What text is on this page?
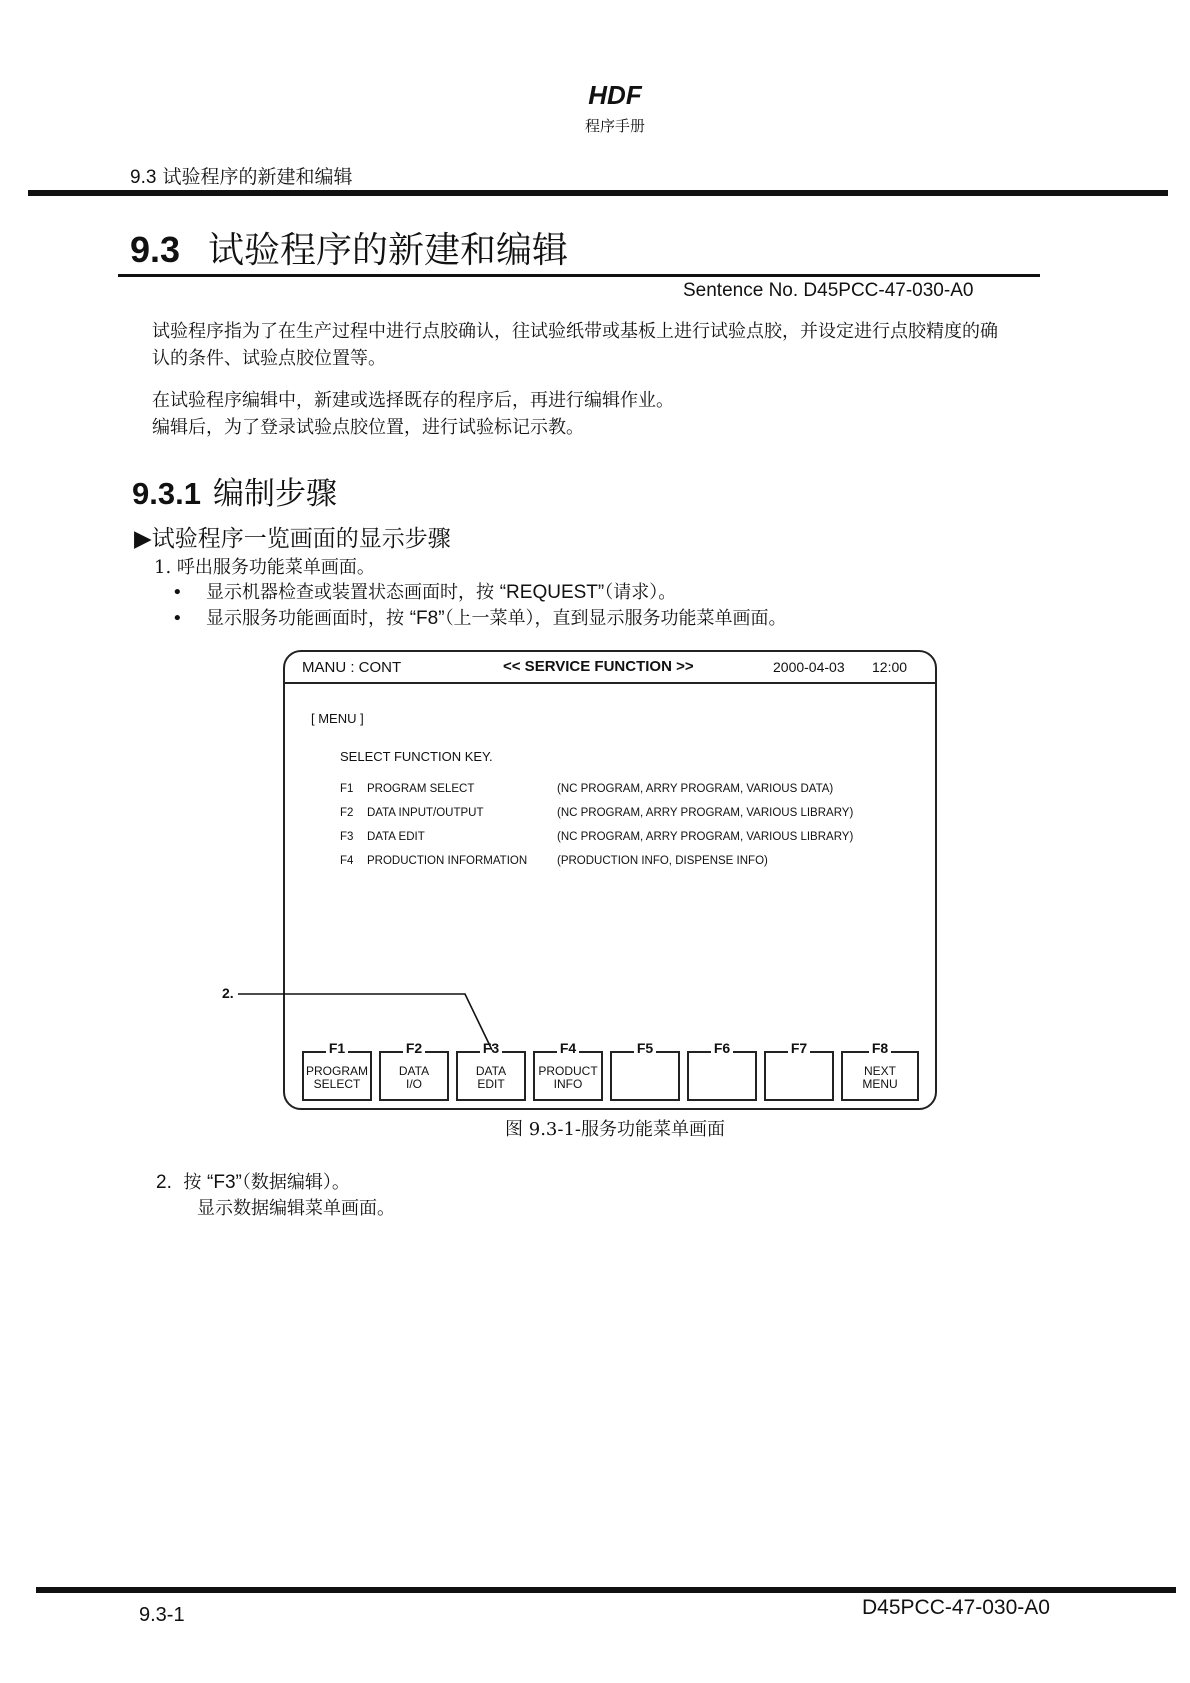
HDF
程序手册
9.3 试验程序的新建和编辑
9.3 试验程序的新建和编辑
Sentence No. D45PCC-47-030-A0
试验程序指为了在生产过程中进行点胶确认，往试验纸带或基板上进行试验点胶，并设定进行点胶精度的确
认的条件、试验点胶位置等。
在试验程序编辑中，新建或选择既存的程序后，再进行编辑作业。
编辑后，为了登录试验点胶位置，进行试验标记示教。
9.3.1 编制步骤
▶试验程序一览画面的显示步骤
1. 呼出服务功能菜单画面。
• 显示机器检查或装置状态画面时，按 “REQUEST”（请求）。
• 显示服务功能画面时，按 “F8”（上一菜单），直到显示服务功能菜单画面。
MANU : CONT	<< SERVICE FUNCTION >>	2000-04-03 12:00
[ MENU ]
SELECT FUNCTION KEY.
F1 PROGRAM SELECT	(NC PROGRAM, ARRY PROGRAM, VARIOUS DATA)
F2 DATA INPUT/OUTPUT	(NC PROGRAM, ARRY PROGRAM, VARIOUS LIBRARY)
F3 DATA EDIT	(NC PROGRAM, ARRY PROGRAM, VARIOUS LIBRARY)
F4 PRODUCTION INFORMATION	(PRODUCTION INFO, DISPENSE INFO)
F1
PROGRAM
SELECT
F2
DATA
I/O
F3
DATA
EDIT
F4
PRODUCT
INFO
F5	F6	F7	F8
NEXT
MENU
2.
图 9.3-1-服务功能菜单画面
2. 按 “F3”（数据编辑）。
显示数据编辑菜单画面。
9.3-1	D45PCC-47-030-A0
